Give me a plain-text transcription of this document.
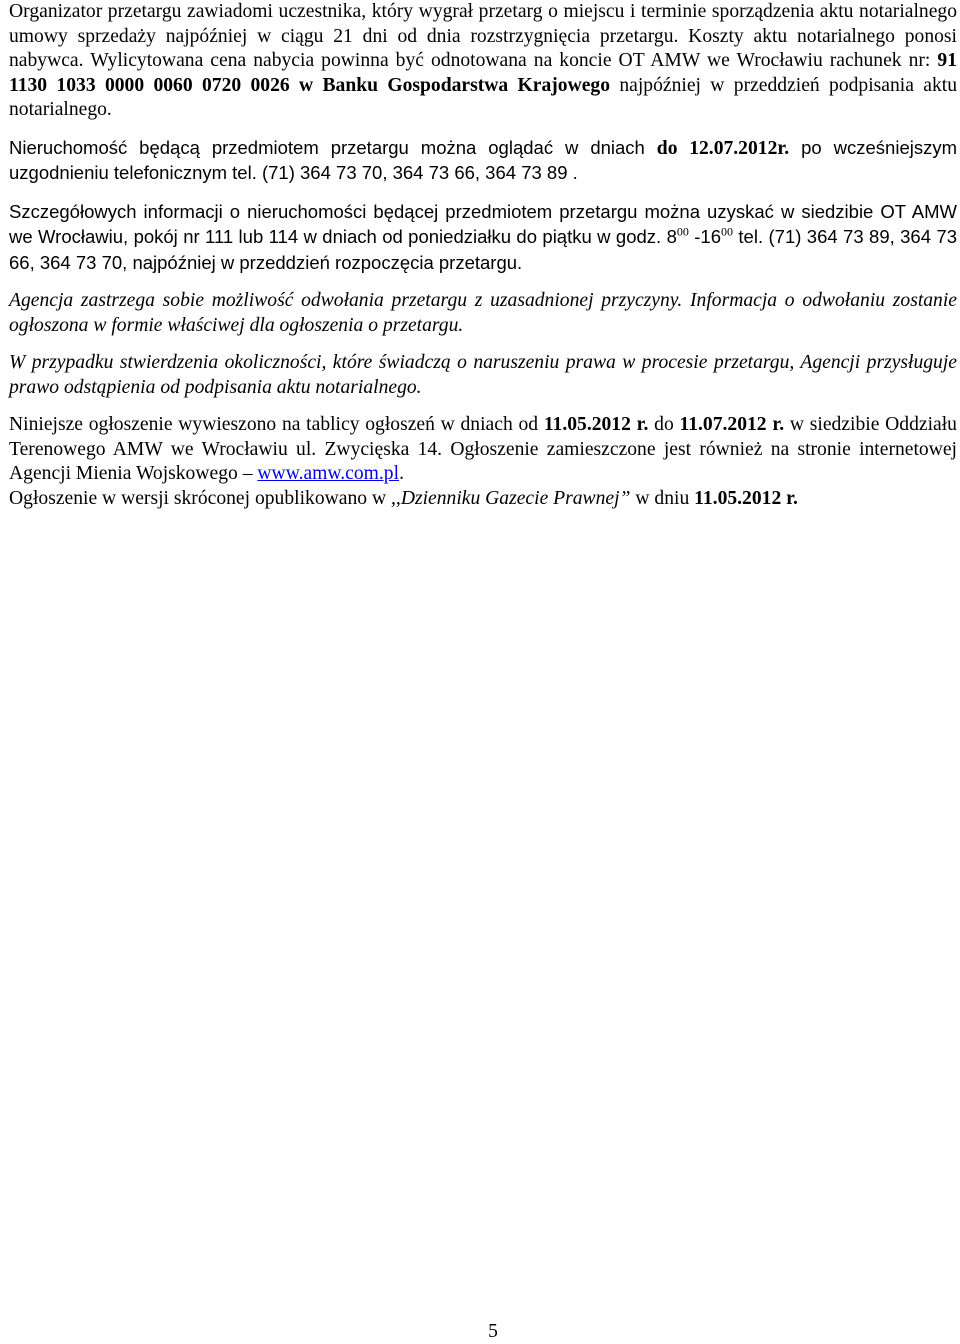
Organizator przetargu zawiadomi uczestnika, który wygrał przetarg o miejscu i terminie sporządzenia aktu notarialnego umowy sprzedaży najpóźniej w ciągu 21 dni od dnia rozstrzygnięcia przetargu. Koszty aktu notarialnego ponosi nabywca. Wylicytowana cena nabycia powinna być odnotowana na koncie OT AMW we Wrocławiu rachunek nr: 91 1130 1033 0000 0060 0720 0026 w Banku Gospodarstwa Krajowego najpóźniej w przeddzień podpisania aktu notarialnego.

Nieruchomość będącą przedmiotem przetargu można oglądać w dniach do 12.07.2012r. po wcześniejszym uzgodnieniu telefonicznym tel. (71) 364 73 70, 364 73 66, 364 73 89 .

Szczegółowych informacji o nieruchomości będącej przedmiotem przetargu można uzyskać w siedzibie OT AMW we Wrocławiu, pokój nr 111 lub 114 w dniach od poniedziałku do piątku w godz. $8^{00}$ $-16^{00}$ tel. (71) 364 73 89, 364 73 66, 364 73 70, najpóźniej w przeddzień rozpoczęcia przetargu.

Agencja zastrzega sobie możliwość odwołania przetargu z uzasadnionej przyczyny. Informacja o odwołaniu zostanie ogłoszona w formie właściwej dla ogłoszenia o przetargu.

W przypadku stwierdzenia okoliczności, które świadczą o naruszeniu prawa w procesie przetargu, Agencji przysługuje prawo odstąpienia od podpisania aktu notarialnego.

Niniejsze ogłoszenie wywieszono na tablicy ogłoszeń w dniach od 11.05.2012 r. do 11.07.2012 r. w siedzibie Oddziału Terenowego AMW we Wrocławiu ul. Zwycięska 14. Ogłoszenie zamieszczone jest również na stronie internetowej Agencji Mienia Wojskowego – www.amw.com.pl.

Ogłoszenie w wersji skróconej opublikowano w ,,Dzienniku Gazecie Prawnej” w dniu 11.05.2012 r.

5
